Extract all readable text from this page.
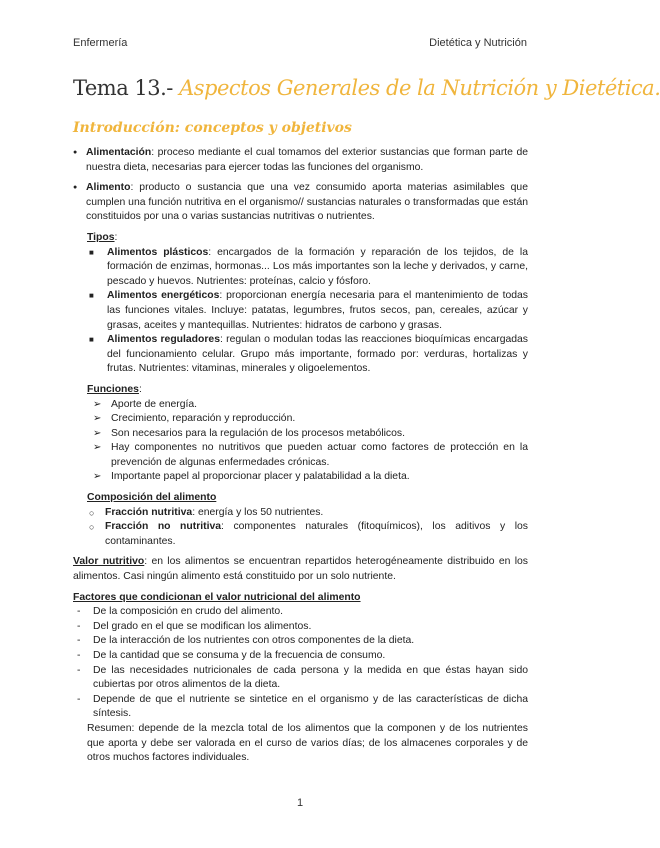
Enfermería	Dietética y Nutrición
Tema 13.- Aspectos Generales de la Nutrición y Dietética.
Introducción: conceptos y objetivos
● Alimentación: proceso mediante el cual tomamos del exterior sustancias que forman parte de nuestra dieta, necesarias para ejercer todas las funciones del organismo.
● Alimento: producto o sustancia que una vez consumido aporta materias asimilables que cumplen una función nutritiva en el organismo// sustancias naturales o transformadas que están constituidos por una o varias sustancias nutritivas o nutrientes.

Tipos:

■ Alimentos plásticos: encargados de la formación y reparación de los tejidos, de la formación de enzimas, hormonas... Los más importantes son la leche y derivados, y carne, pescado y huevos. Nutrientes: proteínas, calcio y fósforo.
■ Alimentos energéticos: proporcionan energía necesaria para el mantenimiento de todas las funciones vitales. Incluye: patatas, legumbres, frutos secos, pan, cereales, azúcar y grasas, aceites y mantequillas. Nutrientes: hidratos de carbono y grasas.
■ Alimentos reguladores: regulan o modulan todas las reacciones bioquímicas encargadas del funcionamiento celular. Grupo más importante, formado por: verduras, hortalizas y frutas. Nutrientes: vitaminas, minerales y oligoelementos.

Funciones:

➢ Aporte de energía.
➢ Crecimiento, reparación y reproducción.
➢ Son necesarios para la regulación de los procesos metabólicos.
➢ Hay componentes no nutritivos que pueden actuar como factores de protección en la prevención de algunas enfermedades crónicas.
➢ Importante papel al proporcionar placer y palatabilidad a la dieta.

Composición del alimento

○ Fracción nutritiva: energía y los 50 nutrientes.
○ Fracción no nutritiva: componentes naturales (fitoquímicos), los aditivos y los contaminantes.

Valor nutritivo: en los alimentos se encuentran repartidos heterogéneamente distribuido en los alimentos. Casi ningún alimento está constituido por un solo nutriente.

Factores que condicionan el valor nutricional del alimento

- De la composición en crudo del alimento.
- Del grado en el que se modifican los alimentos.
- De la interacción de los nutrientes con otros componentes de la dieta.
- De la cantidad que se consuma y de la frecuencia de consumo.
- De las necesidades nutricionales de cada persona y la medida en que éstas hayan sido cubiertas por otros alimentos de la dieta.
- Depende de que el nutriente se sintetice en el organismo y de las características de dicha síntesis.

Resumen: depende de la mezcla total de los alimentos que la componen y de los nutrientes que aporta y debe ser valorada en el curso de varios días; de los almacenes corporales y de otros muchos factores individuales.

1
